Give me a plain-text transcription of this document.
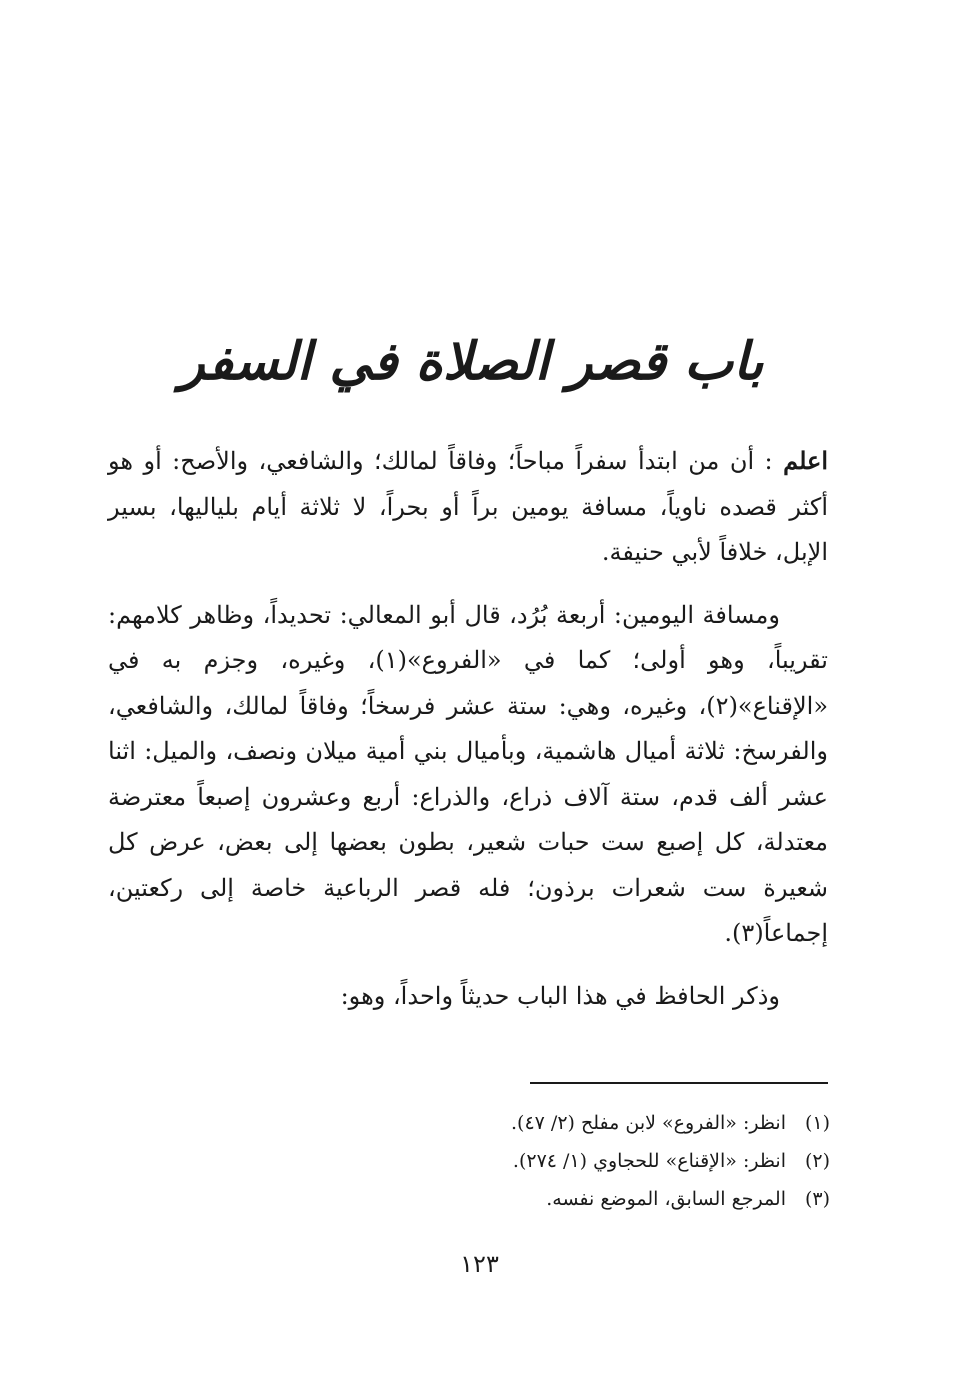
باب قصر الصلاة في السفر

اعلم : أن من ابتدأ سفراً مباحاً؛ وفاقاً لمالك؛ والشافعي، والأصح: أو هو أكثر قصده ناوياً، مسافة يومين براً أو بحراً، لا ثلاثة أيام بلياليها، بسير الإبل، خلافاً لأبي حنيفة.

ومسافة اليومين: أربعة بُرُد، قال أبو المعالي: تحديداً، وظاهر كلامهم: تقريباً، وهو أولى؛ كما في «الفروع»(١)، وغيره، وجزم به في «الإقناع»(٢)، وغيره، وهي: ستة عشر فرسخاً؛ وفاقاً لمالك، والشافعي، والفرسخ: ثلاثة أميال هاشمية، وبأميال بني أمية ميلان ونصف، والميل: اثنا عشر ألف قدم، ستة آلاف ذراع، والذراع: أربع وعشرون إصبعاً معترضة معتدلة، كل إصبع ست حبات شعير، بطون بعضها إلى بعض، عرض كل شعيرة ست شعرات برذون؛ فله قصر الرباعية خاصة إلى ركعتين، إجماعاً(٣).

وذكر الحافظ في هذا الباب حديثاً واحداً، وهو:

(١)انظر: «الفروع» لابن مفلح (٢/ ٤٧).
(٢)انظر: «الإقناع» للحجاوي (١/ ٢٧٤).
(٣)المرجع السابق، الموضع نفسه.
١٢٣
